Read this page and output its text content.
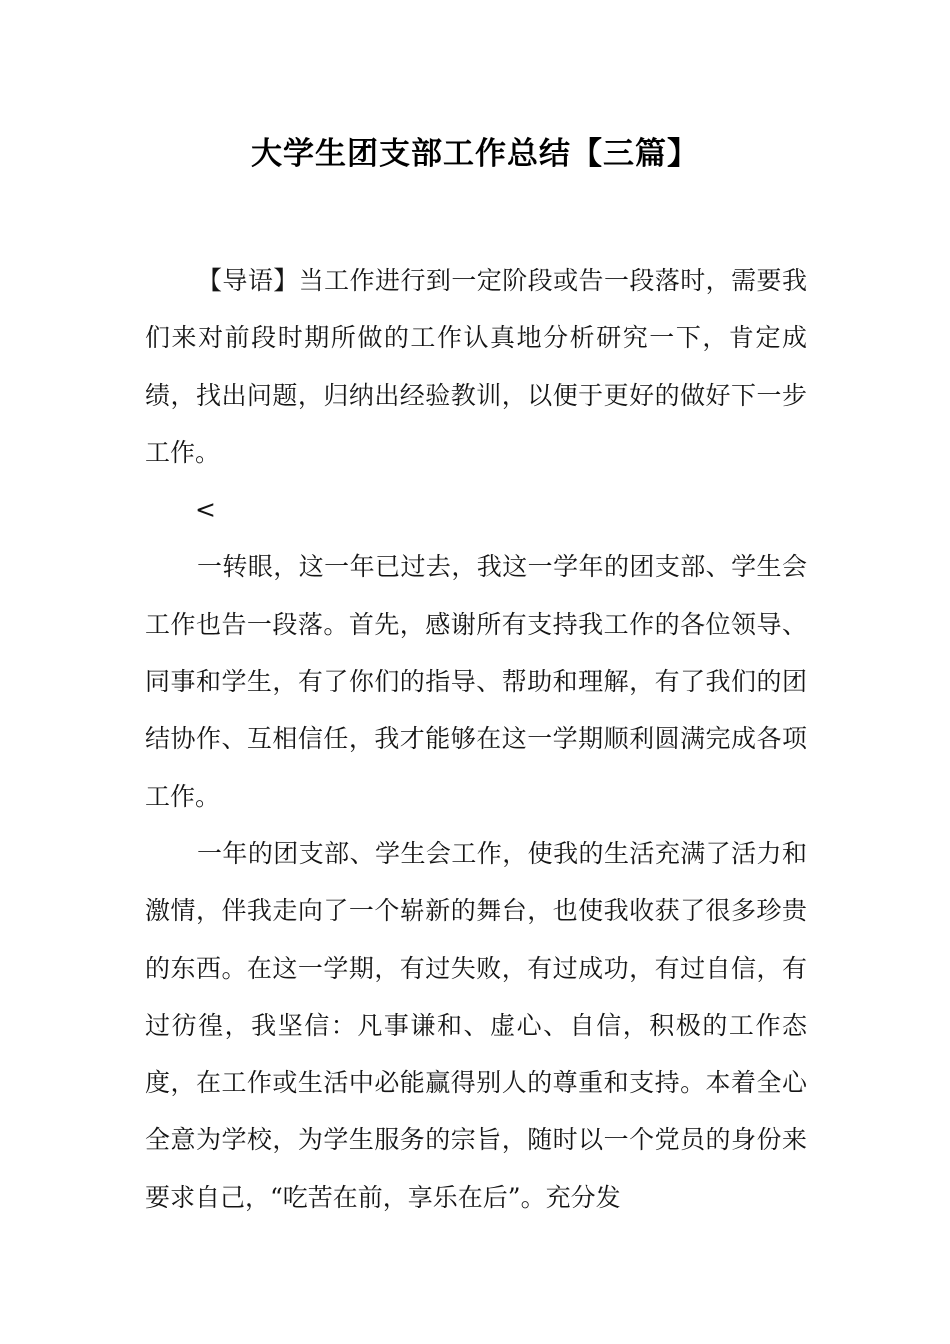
大学生团支部工作总结【三篇】

【导语】当工作进行到一定阶段或告一段落时，需要我们来对前段时期所做的工作认真地分析研究一下，肯定成绩，找出问题，归纳出经验教训，以便于更好的做好下一步工作。

<

一转眼，这一年已过去，我这一学年的团支部、学生会工作也告一段落。首先，感谢所有支持我工作的各位领导、同事和学生，有了你们的指导、帮助和理解，有了我们的团结协作、互相信任，我才能够在这一学期顺利圆满完成各项工作。

一年的团支部、学生会工作，使我的生活充满了活力和激情，伴我走向了一个崭新的舞台，也使我收获了很多珍贵的东西。在这一学期，有过失败，有过成功，有过自信，有过彷徨，我坚信：凡事谦和、虚心、自信，积极的工作态度，在工作或生活中必能赢得别人的尊重和支持。本着全心全意为学校，为学生服务的宗旨，随时以一个党员的身份来要求自己，“吃苦在前，享乐在后”。充分发
